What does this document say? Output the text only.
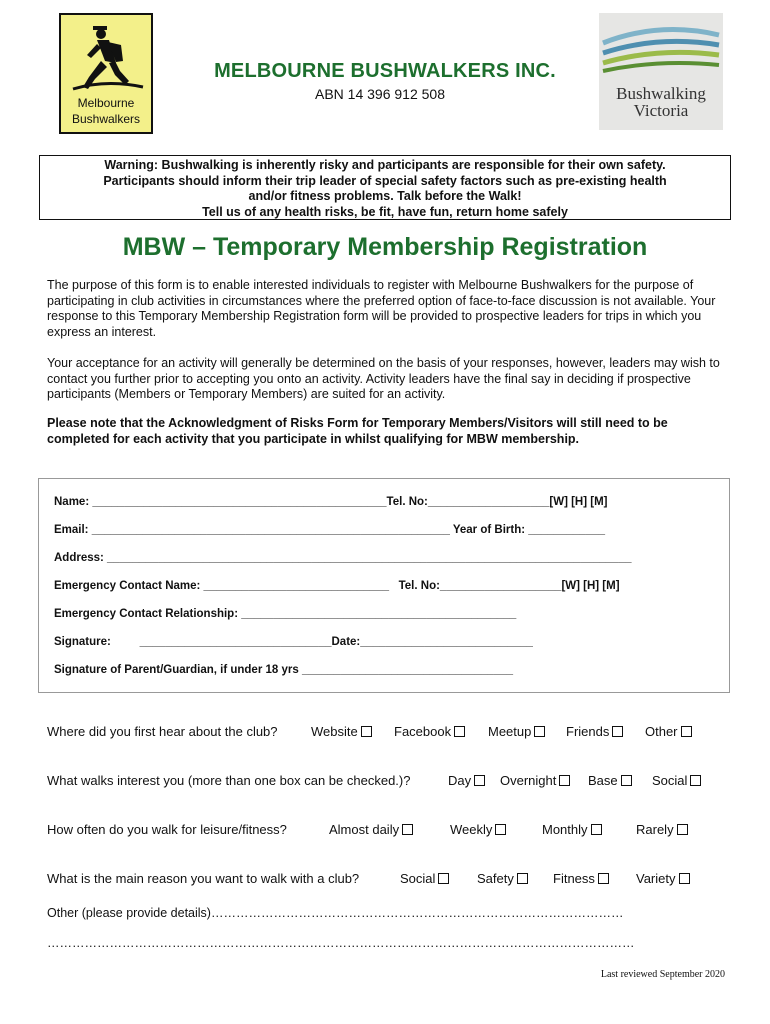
Melbourne
Bushwalkers
MELBOURNE BUSHWALKERS INC.
ABN 14 396 912 508	Bushwalking
Victoria
Warning: Bushwalking is inherently risky and participants are responsible for their own safety.
Participants should inform their trip leader of special safety factors such as pre-existing health
and/or fitness problems. Talk before the Walk!
Tell us of any health risks, be fit, have fun, return home safely
MBW – Temporary Membership Registration
The purpose of this form is to enable interested individuals to register with Melbourne Bushwalkers for the purpose of participating in club activities in circumstances where the preferred option of face-to-face discussion is not available. Your response to this Temporary Membership Registration form will be provided to prospective leaders for trips in which you express an interest.
Your acceptance for an activity will generally be determined on the basis of your responses, however, leaders may wish to contact you further prior to accepting you onto an activity. Activity leaders have the final say in deciding if prospective participants (Members or Temporary Members) are suited for an activity.
Please note that the Acknowledgment of Risks Form for Temporary Members/Visitors will still need to be completed for each activity that you participate in whilst qualifying for MBW membership.
Name: ______________________________________________Tel. No:___________________[W] [H] [M]
Email: ________________________________________________________ Year of Birth: ____________
Address: __________________________________________________________________________________
Emergency Contact Name: _____________________________   Tel. No:___________________[W] [H] [M]
Emergency Contact Relationship: ___________________________________________
Signature:         ______________________________Date:___________________________
Signature of Parent/Guardian, if under 18 yrs _________________________________
Where did you first hear about the club?	Website	Facebook	Meetup	Friends	Other
What walks interest you (more than one box can be checked.)?	Day	Overnight	Base	Social
How often do you walk for leisure/fitness?	Almost daily	Weekly	Monthly	Rarely
What is the main reason you want to walk with a club?	Social	Safety	Fitness	Variety
Other (please provide details)………………………………………………………………………………………
……………………………………………………………………………………………………………………………
Last reviewed September 2020
